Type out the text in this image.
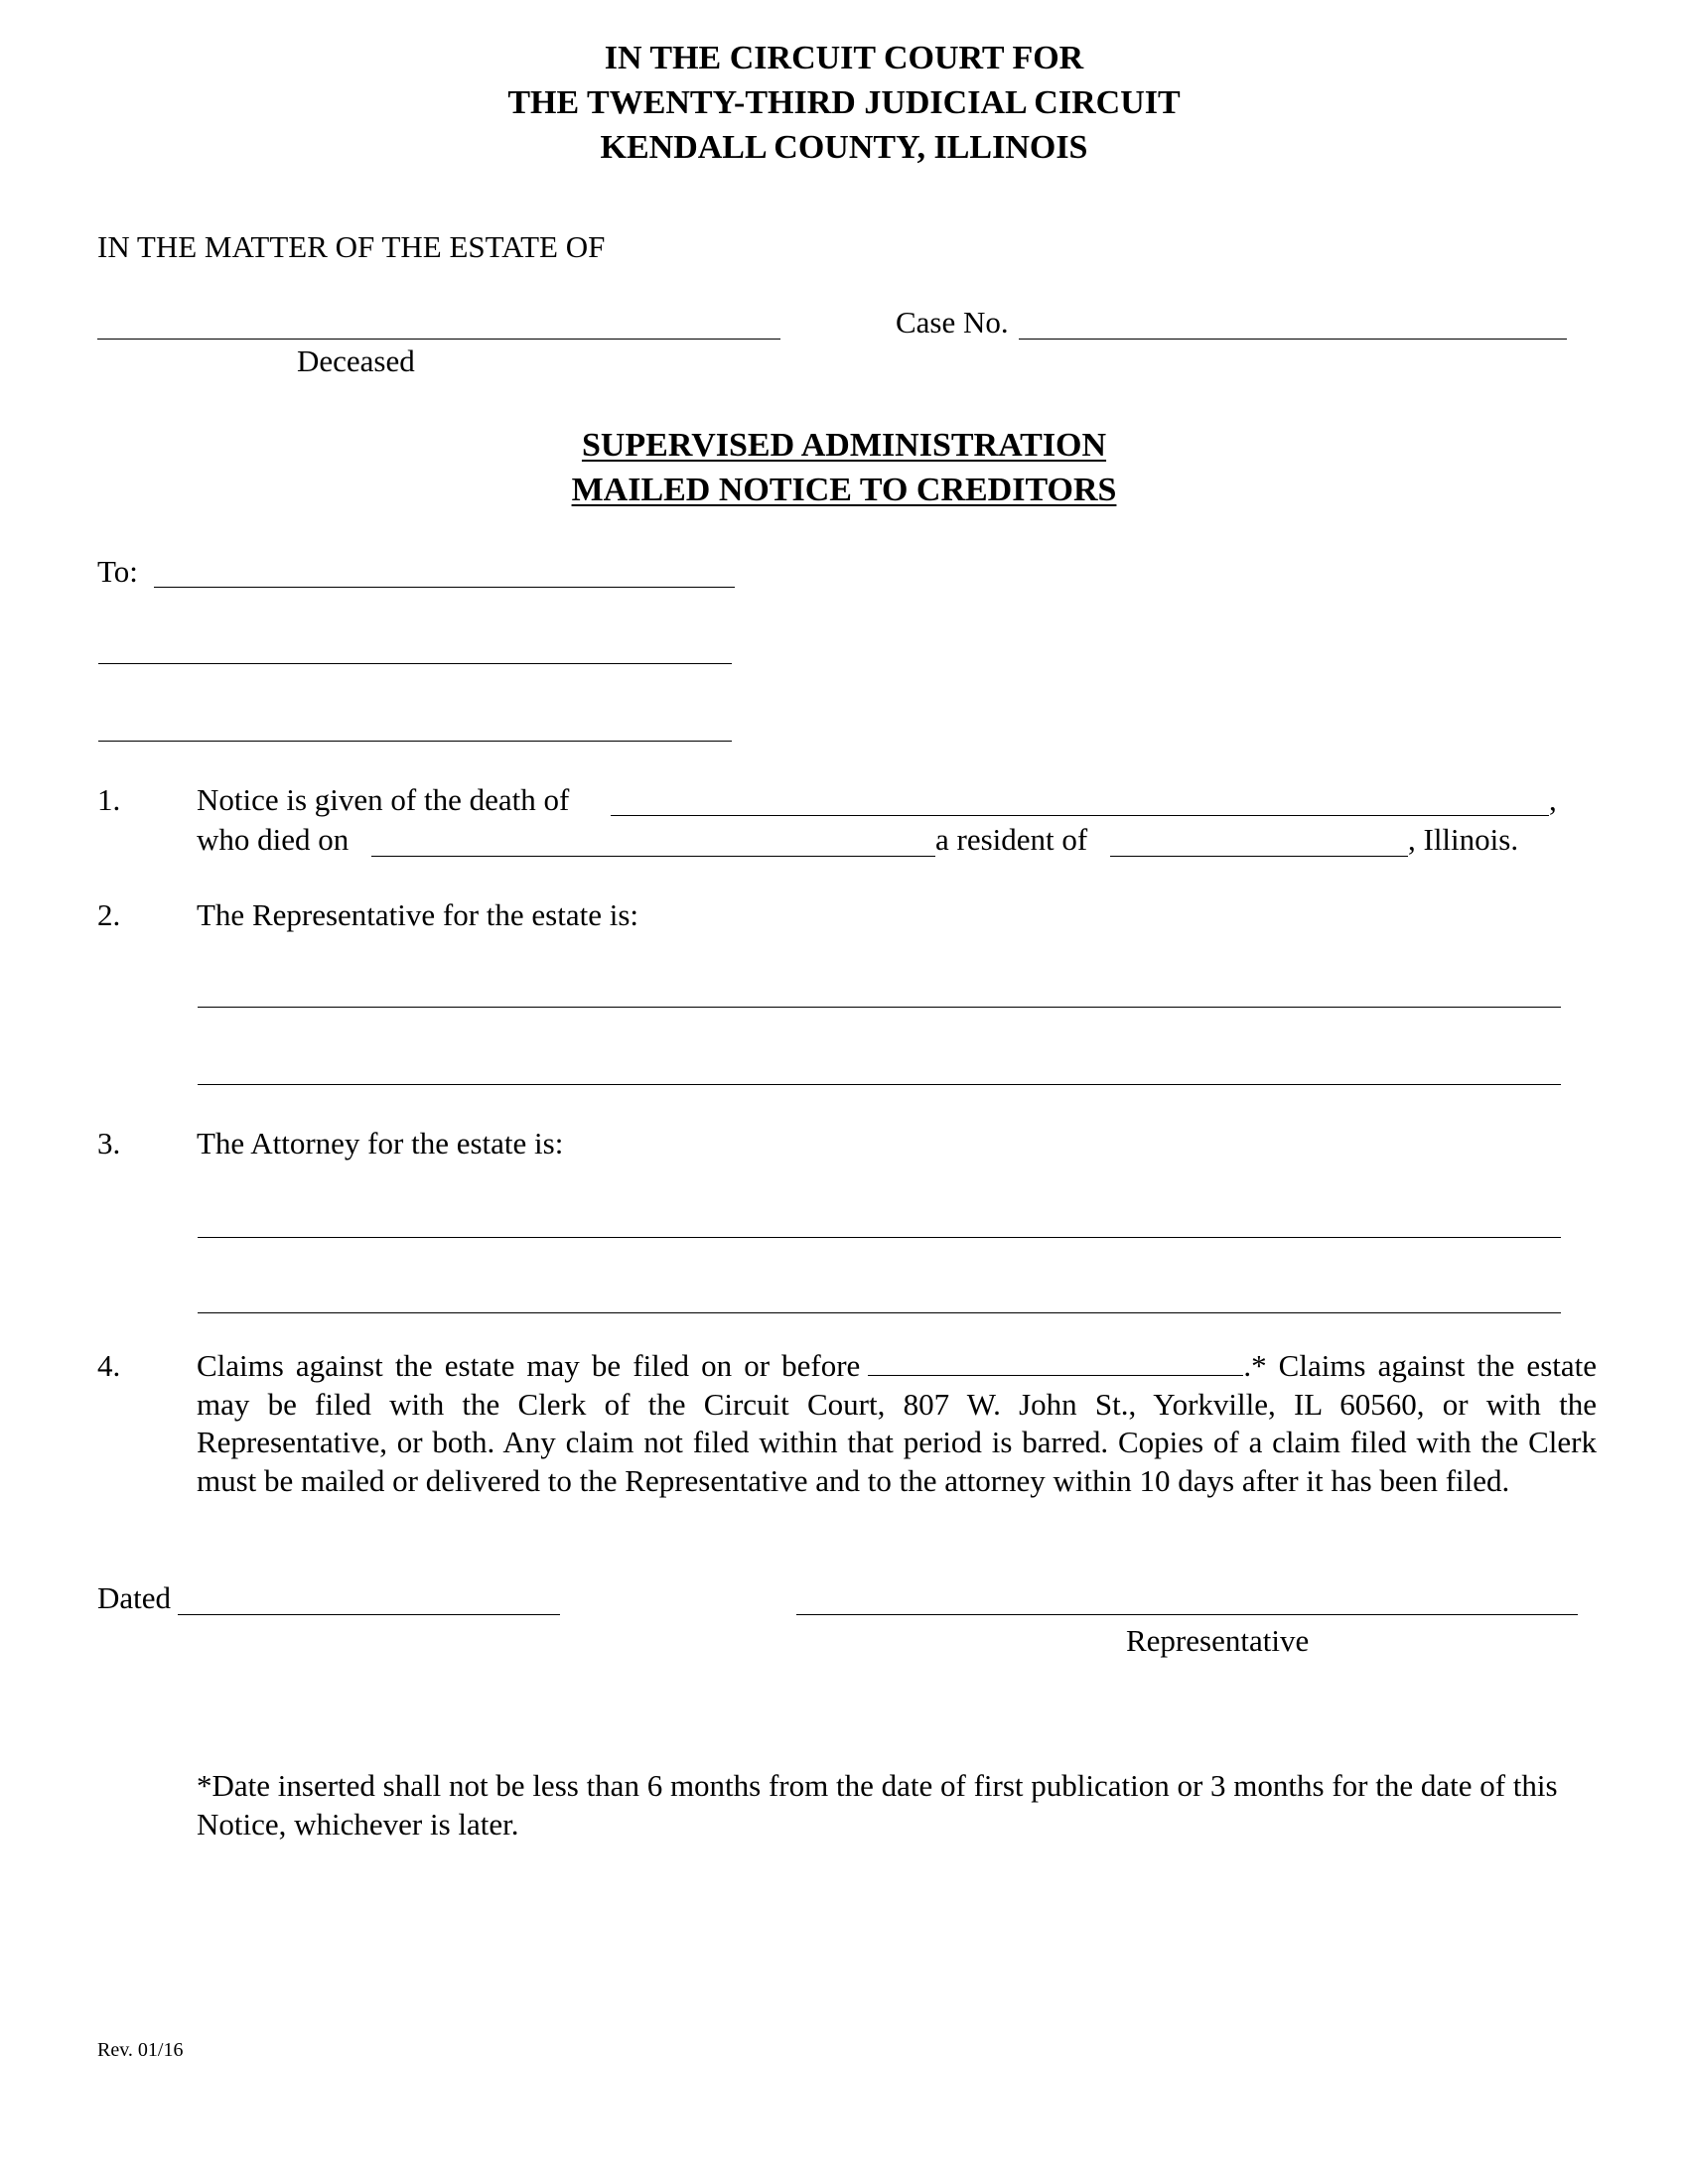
IN THE CIRCUIT COURT FOR
THE TWENTY-THIRD JUDICIAL CIRCUIT
KENDALL COUNTY, ILLINOIS
IN THE MATTER OF THE ESTATE OF
Deceased
Case No.
SUPERVISED ADMINISTRATION
MAILED NOTICE TO CREDITORS
To:
1. Notice is given of the death of	,
who died on	a resident of	, Illinois.
2. The Representative for the estate is:
3. The Attorney for the estate is:
4. Claims against the estate may be filed on or before	.* Claims against the estate may be filed with the Clerk of the Circuit Court, 807 W. John St., Yorkville, IL 60560, or with the Representative, or both. Any claim not filed within that period is barred. Copies of a claim filed with the Clerk must be mailed or delivered to the Representative and to the attorney within 10 days after it has been filed.
Dated
Representative
*Date inserted shall not be less than 6 months from the date of first publication or 3 months for the date of this Notice, whichever is later.
Rev. 01/16
